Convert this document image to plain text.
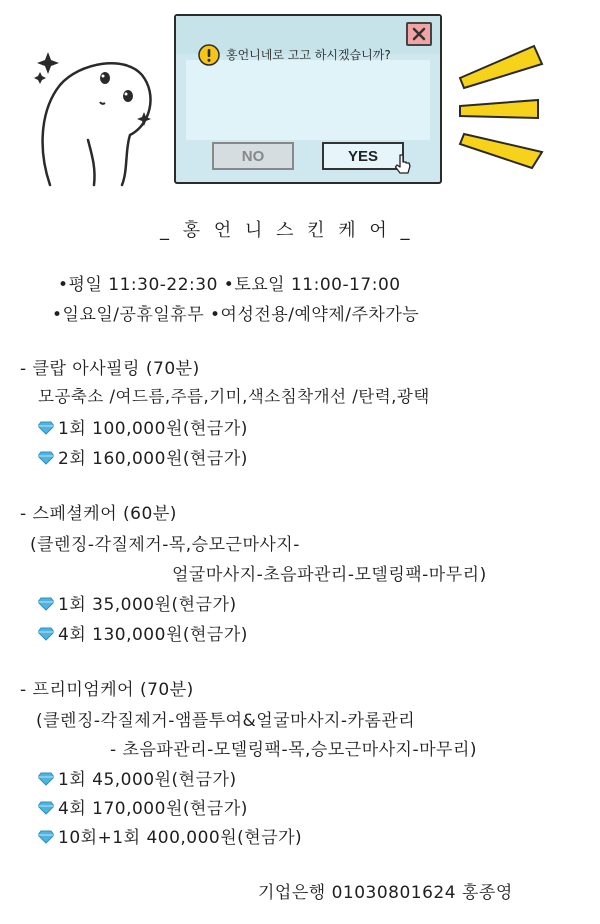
홍언니네로 고고 하시겠습니까?
NO	YES
_ 홍 언 니 스 킨 케 어 _
•평일 11:30-22:30 •토요일 11:00-17:00
•일요일/공휴일휴무 •여성전용/예약제/주차가능
- 클랍 아사필링 (70분)
모공축소 /여드름,주름,기미,색소침착개선 /탄력,광택
1회 100,000원(현금가)
2회 160,000원(현금가)
- 스페셜케어 (60분)
(클렌징-각질제거-목,승모근마사지-
얼굴마사지-초음파관리-모델링팩-마무리)
1회 35,000원(현금가)
4회 130,000원(현금가)
- 프리미엄케어 (70분)
(클렌징-각질제거-앰플투여&얼굴마사지-카롬관리
- 초음파관리-모델링팩-목,승모근마사지-마무리)
1회 45,000원(현금가)
4회 170,000원(현금가)
10회+1회 400,000원(현금가)
기업은행 01030801624 홍종영
